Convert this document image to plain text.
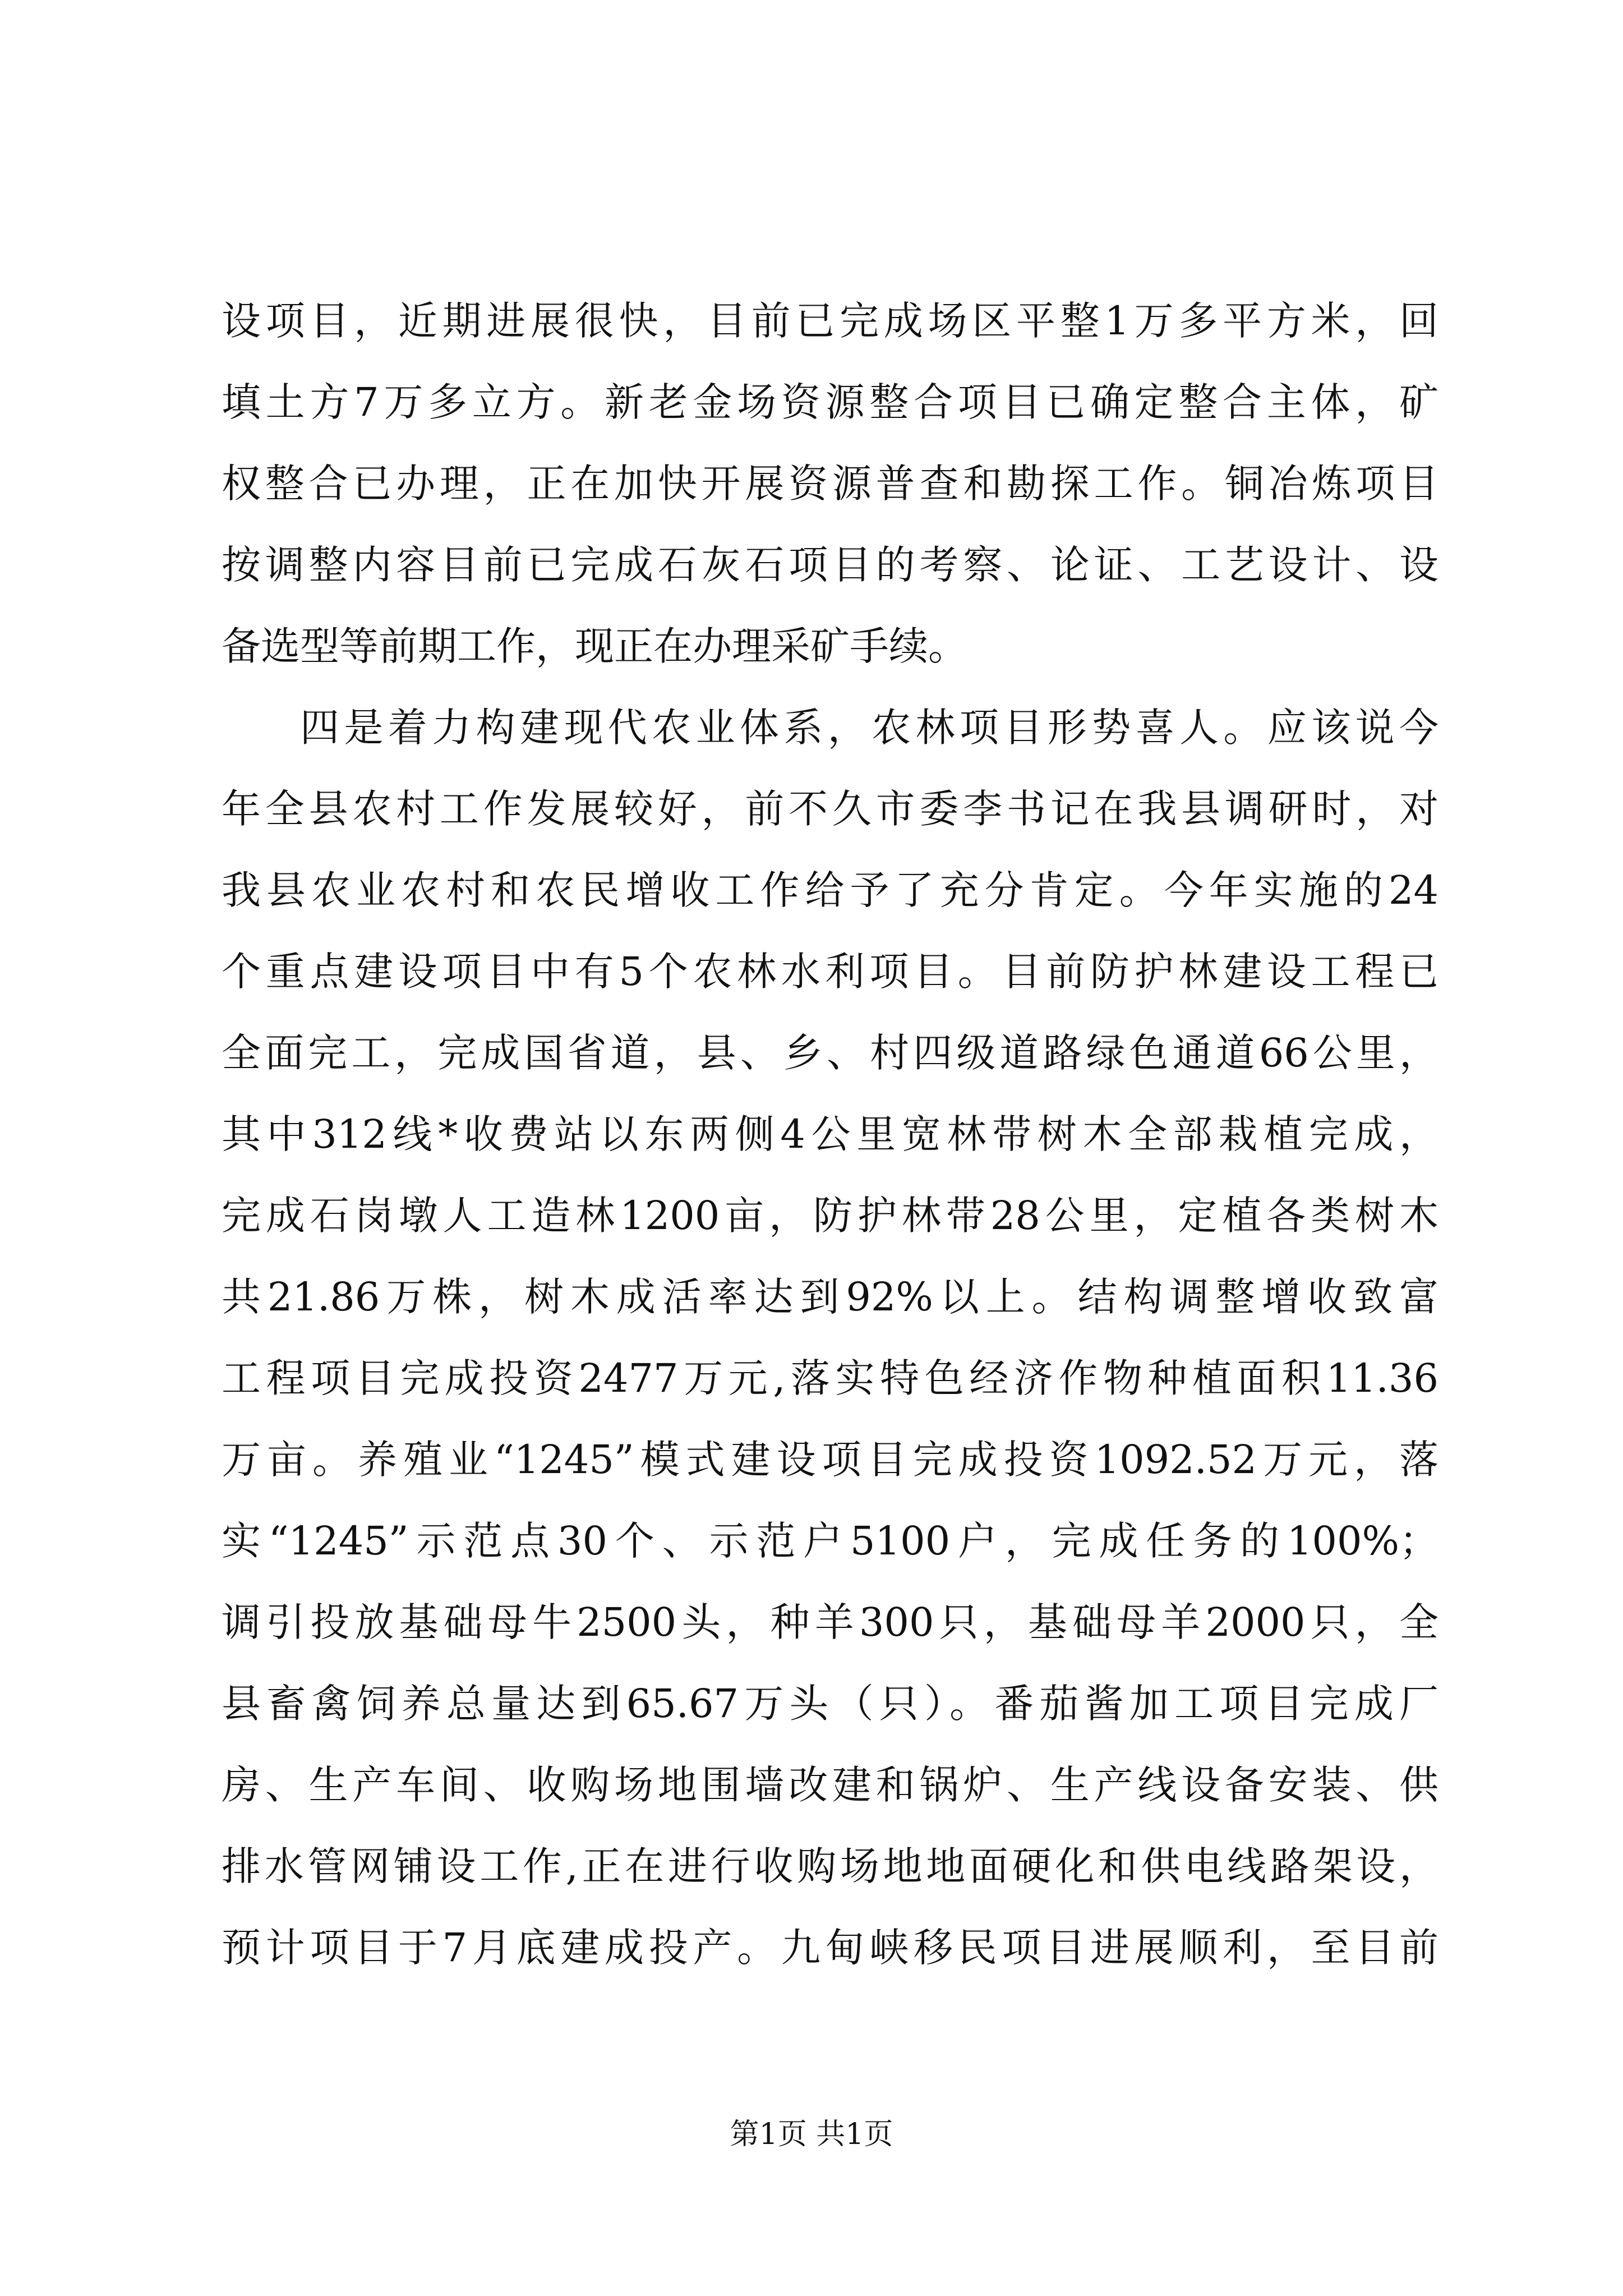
设项目，近期进展很快，目前已完成场区平整1万多平方米，回
填土方7万多立方。新老金场资源整合项目已确定整合主体，矿
权整合已办理，正在加快开展资源普查和勘探工作。铜冶炼项目
按调整内容目前已完成石灰石项目的考察、论证、工艺设计、设
备选型等前期工作，现正在办理采矿手续。
四是着力构建现代农业体系，农林项目形势喜人。应该说今
年全县农村工作发展较好，前不久市委李书记在我县调研时，对
我县农业农村和农民增收工作给予了充分肯定。今年实施的24
个重点建设项目中有5个农林水利项目。目前防护林建设工程已
全面完工，完成国省道，县、乡、村四级道路绿色通道66公里，
其中312线*收费站以东两侧4公里宽林带树木全部栽植完成，
完成石岗墩人工造林1200亩，防护林带28公里，定植各类树木
共21.86万株，树木成活率达到92%以上。结构调整增收致富
工程项目完成投资2477万元,落实特色经济作物种植面积11.36
万亩。养殖业“1245”模式建设项目完成投资1092.52万元，落
实“1245”示范点30个、示范户5100户，完成任务的100%；
调引投放基础母牛2500头，种羊300只，基础母羊2000只，全
县畜禽饲养总量达到65.67万头（只）。番茄酱加工项目完成厂
房、生产车间、收购场地围墙改建和锅炉、生产线设备安装、供
排水管网铺设工作,正在进行收购场地地面硬化和供电线路架设，
预计项目于7月底建成投产。九甸峡移民项目进展顺利，至目前
第1页 共1页
